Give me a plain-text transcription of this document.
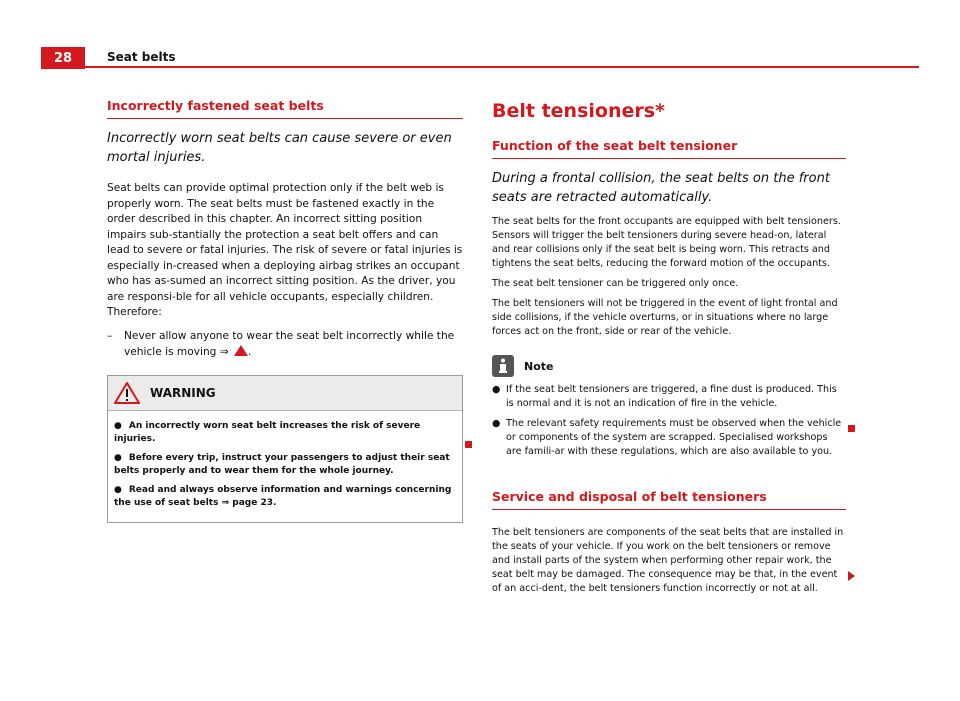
28	Seat belts
Incorrectly fastened seat belts

Incorrectly worn seat belts can cause severe or even mortal injuries.

Seat belts can provide optimal protection only if the belt web is properly worn. The seat belts must be fastened exactly in the order described in this chapter. An incorrect sitting position impairs sub-stantially the protection a seat belt offers and can lead to severe or fatal injuries. The risk of severe or fatal injuries is especially in-creased when a deploying airbag strikes an occupant who has as-sumed an incorrect sitting position. As the driver, you are responsi-ble for all vehicle occupants, especially children. Therefore:

–	Never allow anyone to wear the seat belt incorrectly while the vehicle is moving ⇒ .
WARNING
● An incorrectly worn seat belt increases the risk of severe injuries.
● Before every trip, instruct your passengers to adjust their seat belts properly and to wear them for the whole journey.
● Read and always observe information and warnings concerning the use of seat belts ⇒ page 23.
Belt tensioners*
Function of the seat belt tensioner

During a frontal collision, the seat belts on the front seats are retracted automatically.

The seat belts for the front occupants are equipped with belt tensioners. Sensors will trigger the belt tensioners during severe head-on, lateral and rear collisions only if the seat belt is being worn. This retracts and tightens the seat belts, reducing the forward motion of the occupants.

The seat belt tensioner can be triggered only once.

The belt tensioners will not be triggered in the event of light frontal and side collisions, if the vehicle overturns, or in situations where no large forces act on the front, side or rear of the vehicle.

Note
● If the seat belt tensioners are triggered, a fine dust is produced. This is normal and it is not an indication of fire in the vehicle.
● The relevant safety requirements must be observed when the vehicle or components of the system are scrapped. Specialised workshops are famili-ar with these regulations, which are also available to you.
Service and disposal of belt tensioners

The belt tensioners are components of the seat belts that are installed in the seats of your vehicle. If you work on the belt tensioners or remove and install parts of the system when performing other repair work, the seat belt may be damaged. The consequence may be that, in the event of an acci-dent, the belt tensioners function incorrectly or not at all.
